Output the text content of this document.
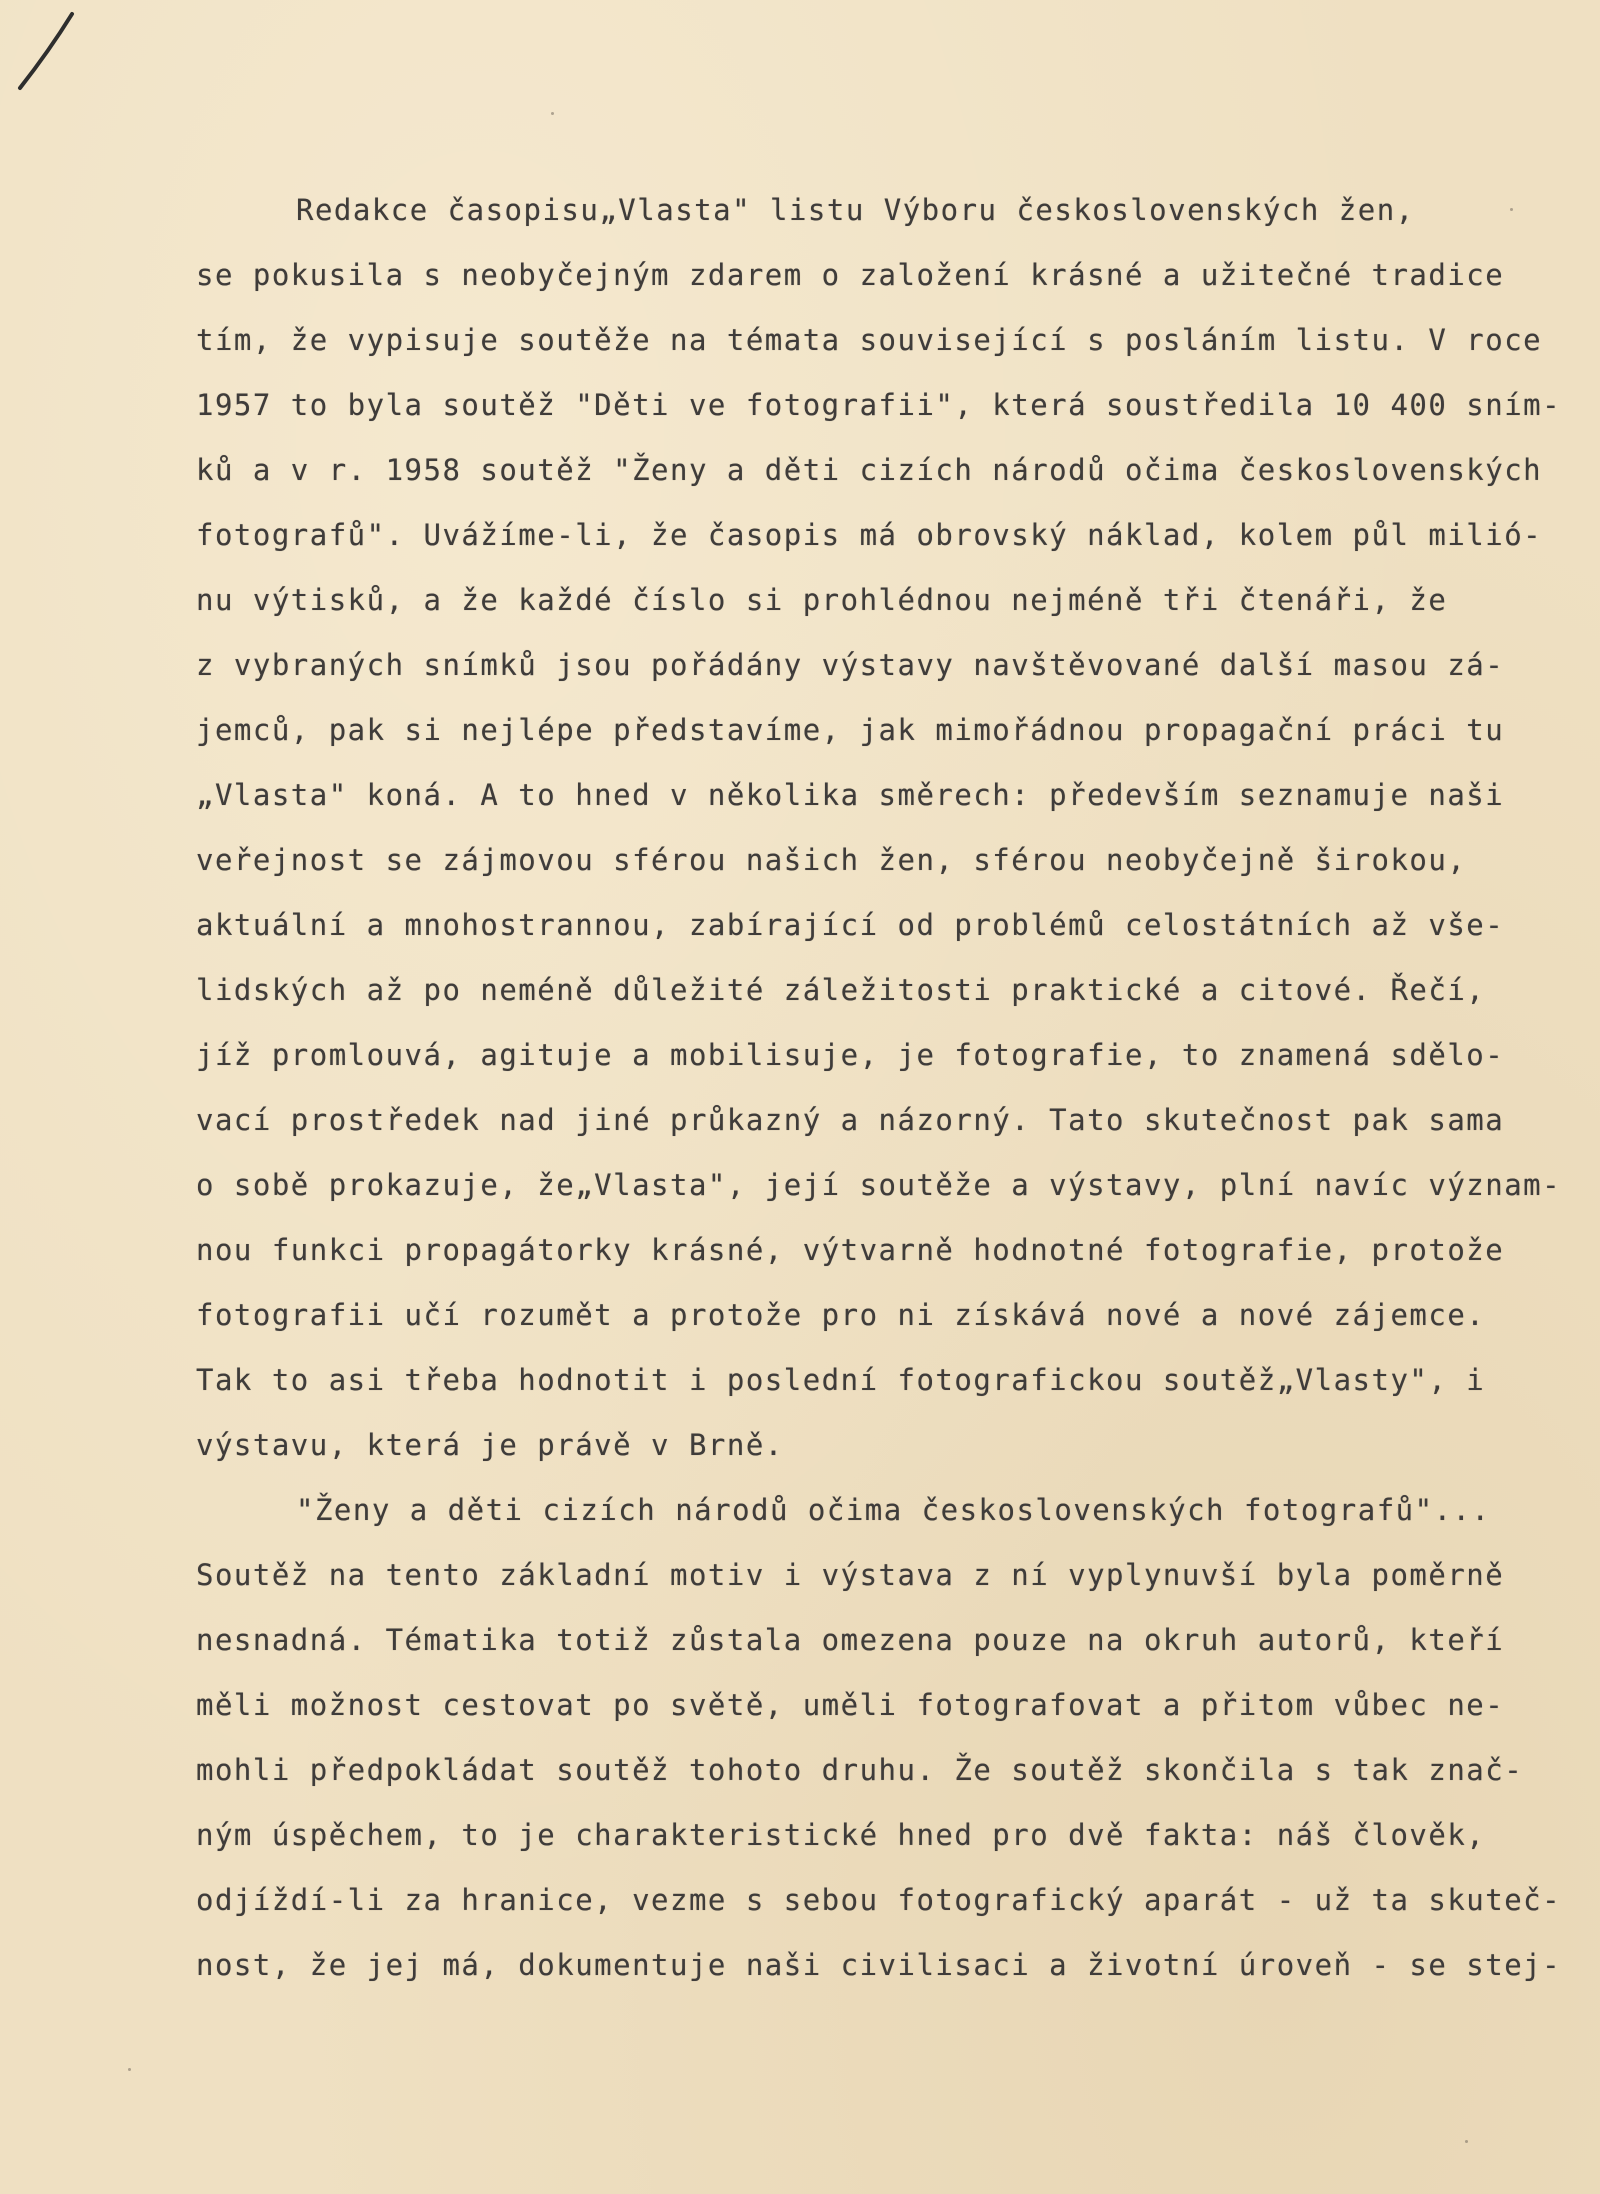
Redakce časopisu„Vlasta" listu Výboru československých žen,
se pokusila s neobyčejným zdarem o založení krásné a užitečné tradice
tím, že vypisuje soutěže na témata související s posláním listu. V roce
1957 to byla soutěž "Děti ve fotografii", která soustředila 10 400 sním-
ků a v r. 1958 soutěž "Ženy a děti cizích národů očima československých
fotografů". Uvážíme-li, že časopis má obrovský náklad, kolem půl milió-
nu výtisků, a že každé číslo si prohlédnou nejméně tři čtenáři, že
z vybraných snímků jsou pořádány výstavy navštěvované další masou zá-
jemců, pak si nejlépe představíme, jak mimořádnou propagační práci tu
„Vlasta" koná. A to hned v několika směrech: především seznamuje naši
veřejnost se zájmovou sférou našich žen, sférou neobyčejně širokou,
aktuální a mnohostrannou, zabírající od problémů celostátních až vše-
lidských až po neméně důležité záležitosti praktické a citové. Řečí,
jíž promlouvá, agituje a mobilisuje, je fotografie, to znamená sdělo-
vací prostředek nad jiné průkazný a názorný. Tato skutečnost pak sama
o sobě prokazuje, že„Vlasta", její soutěže a výstavy, plní navíc význam-
nou funkci propagátorky krásné, výtvarně hodnotné fotografie, protože
fotografii učí rozumět a protože pro ni získává nové a nové zájemce.
Tak to asi třeba hodnotit i poslední fotografickou soutěž„Vlasty", i
výstavu, která je právě v Brně.
"Ženy a děti cizích národů očima československých fotografů"...
Soutěž na tento základní motiv i výstava z ní vyplynuvší byla poměrně
nesnadná. Tématika totiž zůstala omezena pouze na okruh autorů, kteří
měli možnost cestovat po světě, uměli fotografovat a přitom vůbec ne-
mohli předpokládat soutěž tohoto druhu. Že soutěž skončila s tak znač-
ným úspěchem, to je charakteristické hned pro dvě fakta: náš člověk,
odjíždí-li za hranice, vezme s sebou fotografický aparát - už ta skuteč-
nost, že jej má, dokumentuje naši civilisaci a životní úroveň - se stej-
